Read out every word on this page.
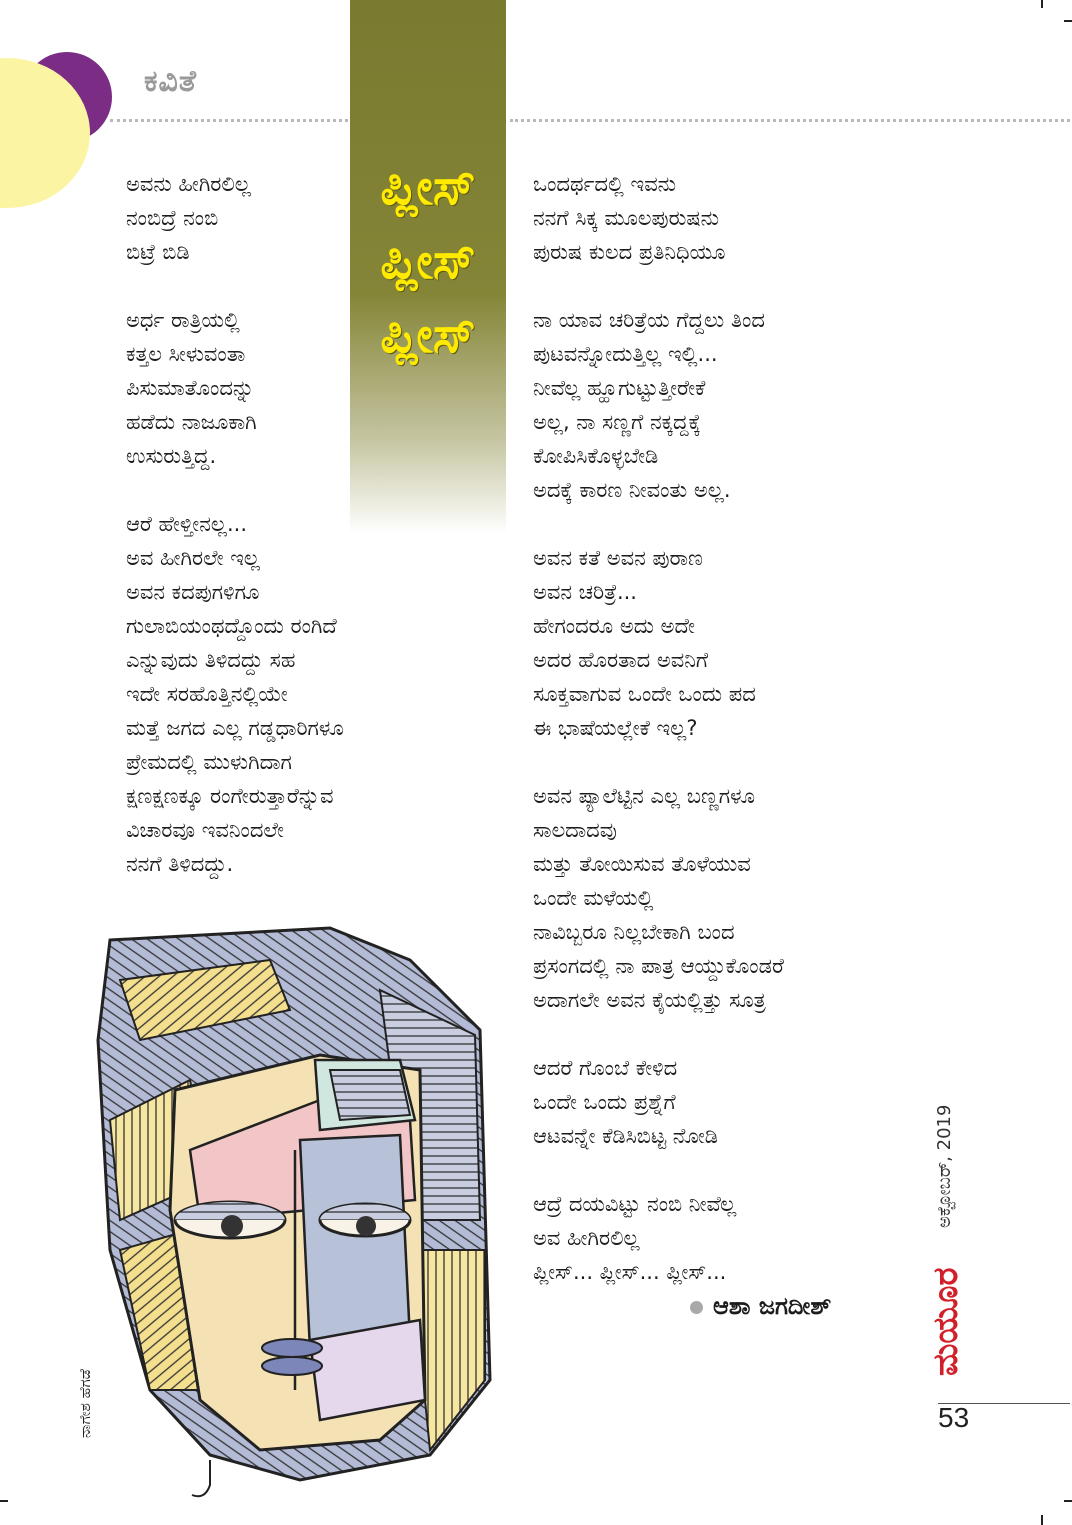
ಕವಿತೆ
ಪ್ಲೀಸ್
ಪ್ಲೀಸ್
ಪ್ಲೀಸ್
ಅವನು ಹೀಗಿರಲಿಲ್ಲ
ನಂಬಿದ್ರೆ ನಂಬಿ
ಬಿಟ್ರೆ ಬಿಡಿ
ಅರ್ಧ ರಾತ್ರಿಯಲ್ಲಿ
ಕತ್ತಲ ಸೀಳುವಂತಾ
ಪಿಸುಮಾತೊಂದನ್ನು
ಹಡೆದು ನಾಜೂಕಾಗಿ
ಉಸುರುತ್ತಿದ್ದ.
ಆರೆ ಹೇಳ್ತೀನಲ್ಲ...
ಅವ ಹೀಗಿರಲೇ ಇಲ್ಲ
ಅವನ ಕದಪುಗಳಿಗೂ
ಗುಲಾಬಿಯಂಥದ್ದೊಂದು ರಂಗಿದೆ
ಎನ್ನುವುದು ತಿಳಿದದ್ದು ಸಹ
ಇದೇ ಸರಹೊತ್ತಿನಲ್ಲಿಯೇ
ಮತ್ತೆ ಜಗದ ಎಲ್ಲ ಗಡ್ಡಧಾರಿಗಳೂ
ಪ್ರೇಮದಲ್ಲಿ ಮುಳುಗಿದಾಗ
ಕ್ಷಣಕ್ಷಣಕ್ಕೂ ರಂಗೇರುತ್ತಾರೆನ್ನುವ
ವಿಚಾರವೂ ಇವನಿಂದಲೇ
ನನಗೆ ತಿಳಿದದ್ದು.
ಒಂದರ್ಥದಲ್ಲಿ ಇವನು
ನನಗೆ ಸಿಕ್ಕ ಮೂಲಪುರುಷನು
ಪುರುಷ ಕುಲದ ಪ್ರತಿನಿಧಿಯೂ
ನಾ ಯಾವ ಚರಿತ್ರೆಯ ಗೆದ್ದಲು ತಿಂದ
ಪುಟವನ್ನೋದುತ್ತಿಲ್ಲ ಇಲ್ಲಿ...
ನೀವೆಲ್ಲ ಹ್ಹೂಗುಟ್ಟುತ್ತೀರೇಕೆ
ಅಲ್ಲ, ನಾ ಸಣ್ಣಗೆ ನಕ್ಕದ್ದಕ್ಕೆ
ಕೋಪಿಸಿಕೊಳ್ಳಬೇಡಿ
ಅದಕ್ಕೆ ಕಾರಣ ನೀವಂತು ಅಲ್ಲ.
ಅವನ ಕತೆ ಅವನ ಪುರಾಣ
ಅವನ ಚರಿತ್ರೆ...
ಹೇಗಂದರೂ ಅದು ಅದೇ
ಅದರ ಹೊರತಾದ ಅವನಿಗೆ
ಸೂಕ್ತವಾಗುವ ಒಂದೇ ಒಂದು ಪದ
ಈ ಭಾಷೆಯಲ್ಲೇಕೆ ಇಲ್ಲ?
ಅವನ ಪ್ಯಾಲೆಟ್ಟಿನ ಎಲ್ಲ ಬಣ್ಣಗಳೂ
ಸಾಲದಾದವು
ಮತ್ತು ತೋಯಿಸುವ ತೊಳೆಯುವ
ಒಂದೇ ಮಳೆಯಲ್ಲಿ
ನಾವಿಬ್ಬರೂ ನಿಲ್ಲಬೇಕಾಗಿ ಬಂದ
ಪ್ರಸಂಗದಲ್ಲಿ ನಾ ಪಾತ್ರ ಆಯ್ದುಕೊಂಡರೆ
ಅದಾಗಲೇ ಅವನ ಕೈಯಲ್ಲಿತ್ತು ಸೂತ್ರ
ಆದರೆ ಗೊಂಬೆ ಕೇಳಿದ
ಒಂದೇ ಒಂದು ಪ್ರಶ್ನೆಗೆ
ಆಟವನ್ನೇ ಕೆಡಿಸಿಬಿಟ್ಟ ನೋಡಿ
ಆದ್ರೆ ದಯವಿಟ್ಟು ನಂಬಿ ನೀವೆಲ್ಲ
ಅವ ಹೀಗಿರಲಿಲ್ಲ
ಪ್ಲೀಸ್... ಪ್ಲೀಸ್... ಪ್ಲೀಸ್...
ಆಶಾ ಜಗದೀಶ್
ನಾಗೇಶ ಹೆಗಡೆ
ಅಕ್ಟೋಬರ್, 2019
ಮಯೂರ
53
